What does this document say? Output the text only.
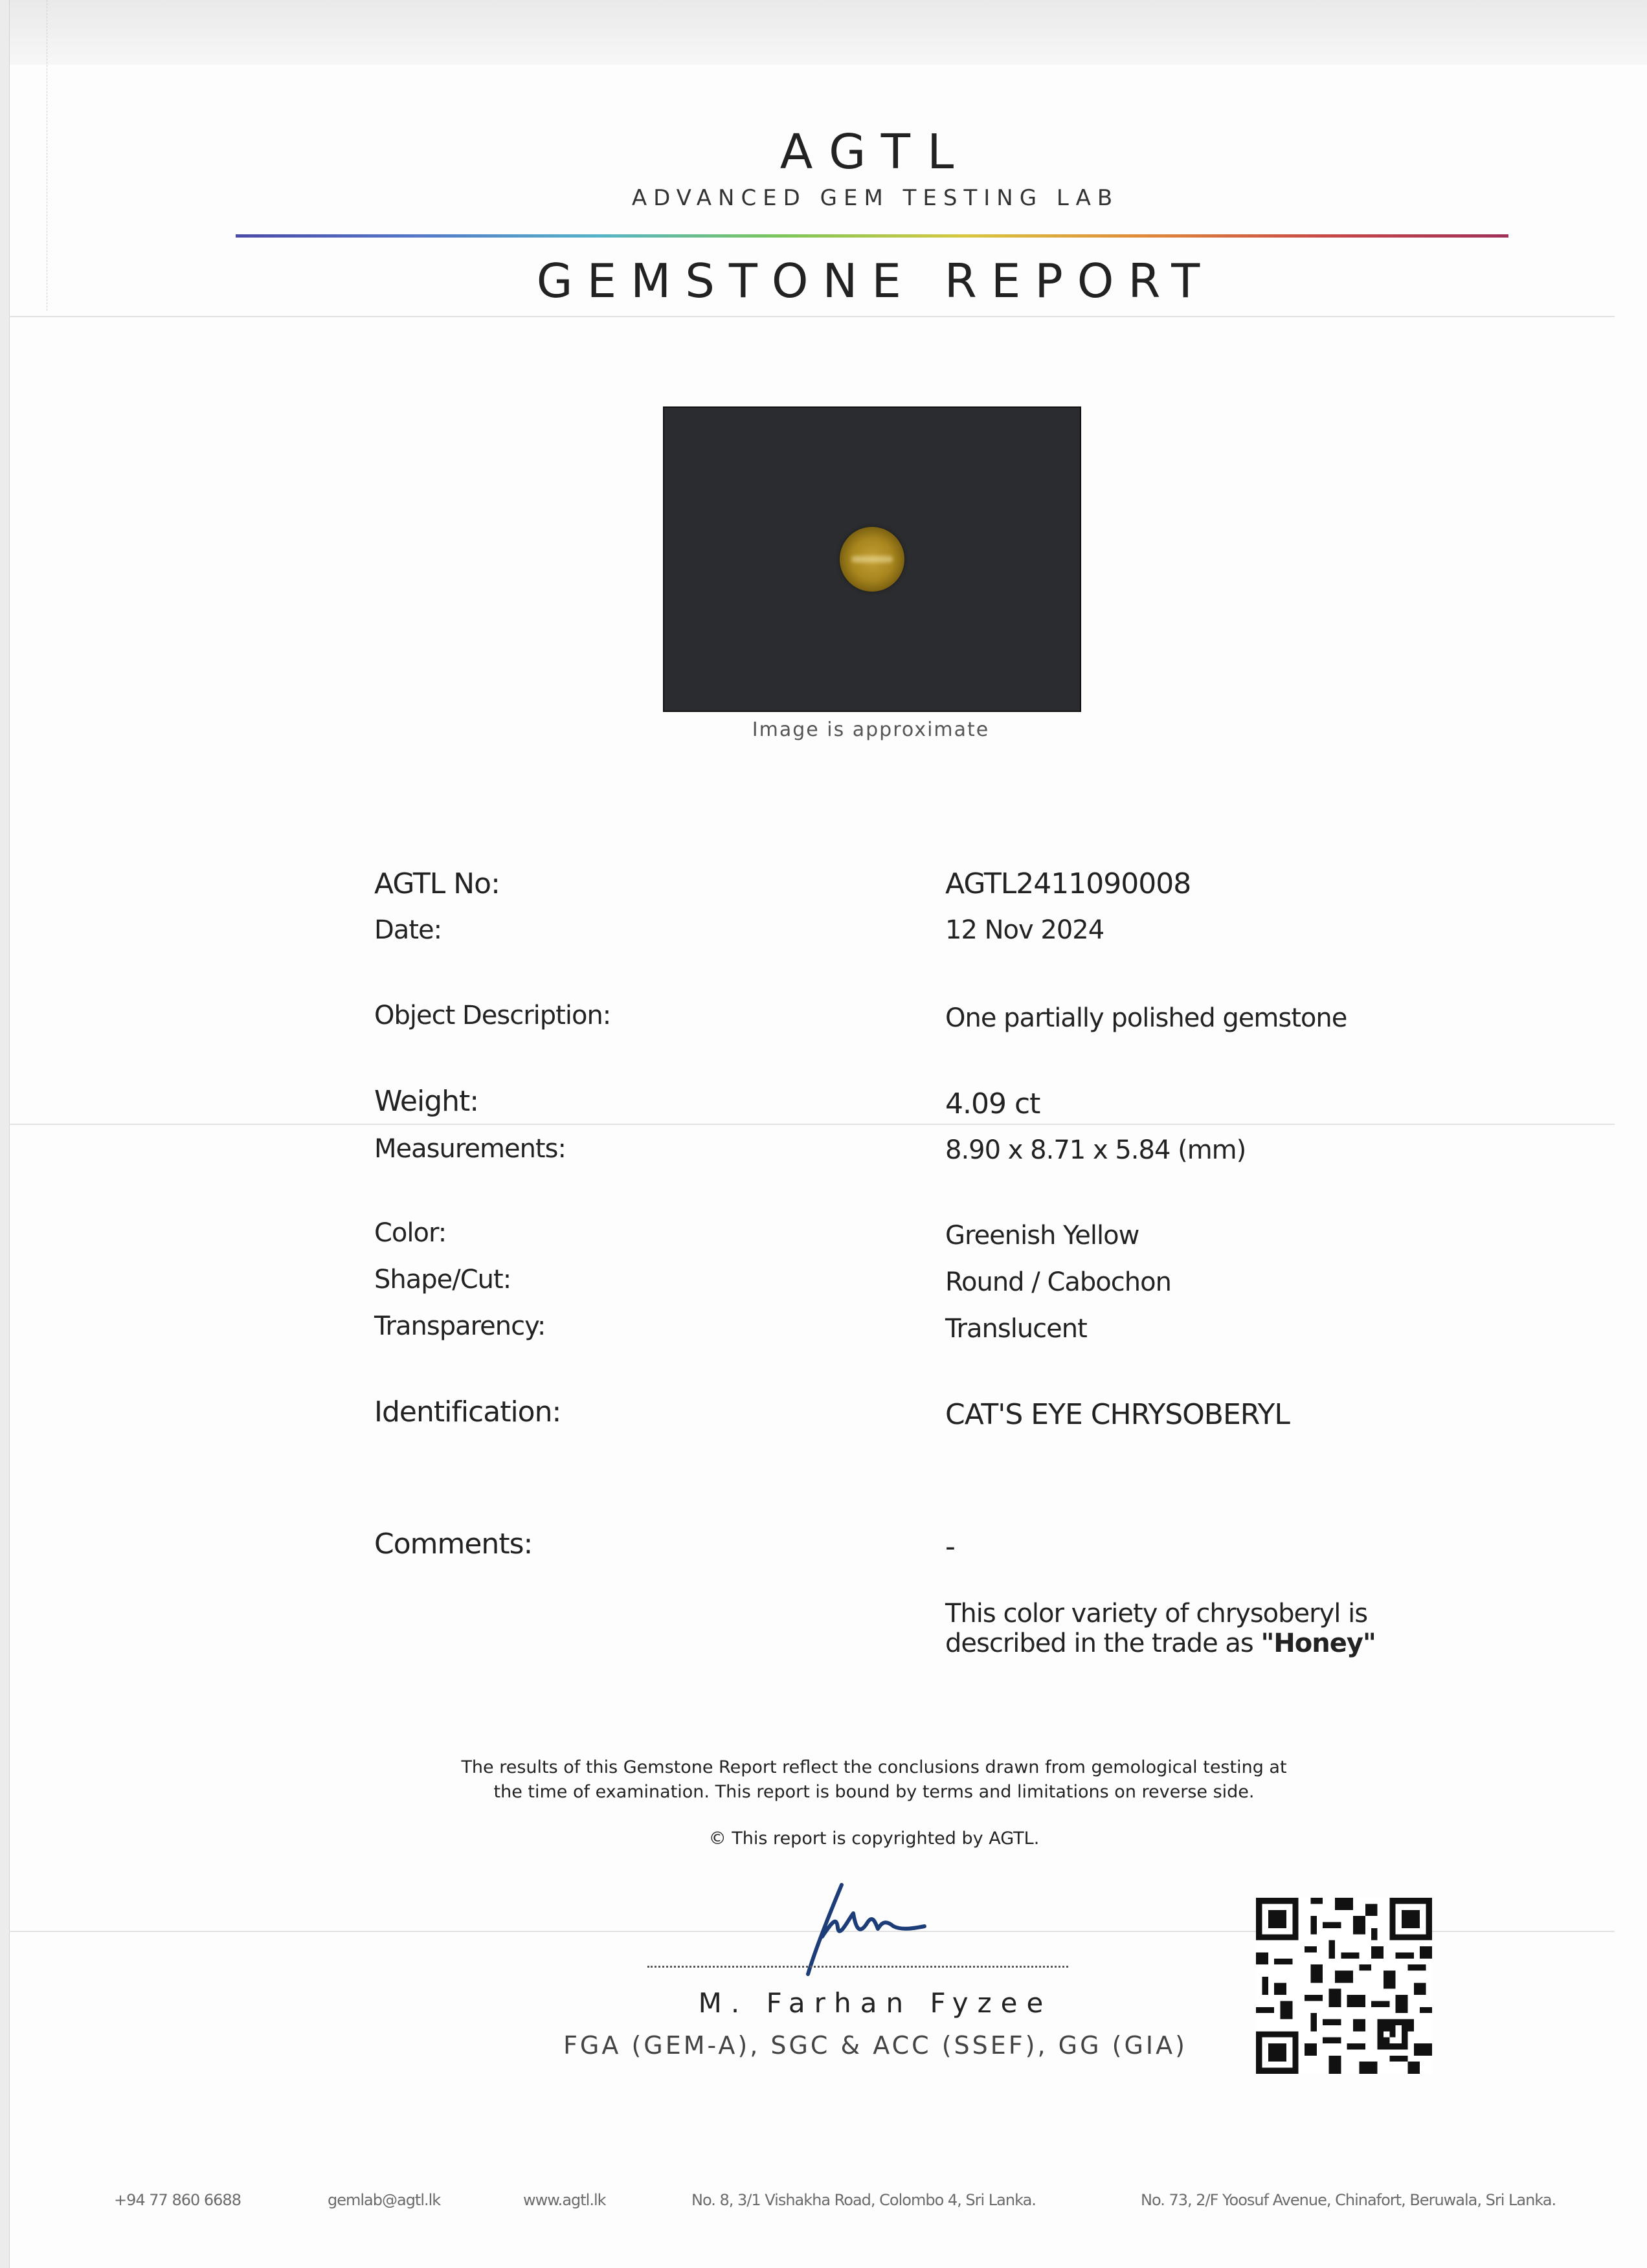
AGTL
ADVANCED GEM TESTING LAB
GEMSTONE REPORT
Image is approximate
AGTL No:	AGTL2411090008
Date:	12 Nov 2024
Object Description:	One partially polished gemstone
Weight:	4.09 ct
Measurements:	8.90 x 8.71 x 5.84 (mm)
Color:	Greenish Yellow
Shape/Cut:	Round / Cabochon
Transparency:	Translucent
Identification:	CAT'S EYE CHRYSOBERYL
Comments:	-
This color variety of chrysoberyl is
described in the trade as "Honey"
The results of this Gemstone Report reflect the conclusions drawn from gemological testing at
the time of examination. This report is bound by terms and limitations on reverse side.
© This report is copyrighted by AGTL.
M. Farhan Fyzee
FGA (GEM-A), SGC & ACC (SSEF), GG (GIA)
+94 77 860 6688	gemlab@agtl.lk	www.agtl.lk	No. 8, 3/1 Vishakha Road, Colombo 4, Sri Lanka.	No. 73, 2/F Yoosuf Avenue, Chinafort, Beruwala, Sri Lanka.
